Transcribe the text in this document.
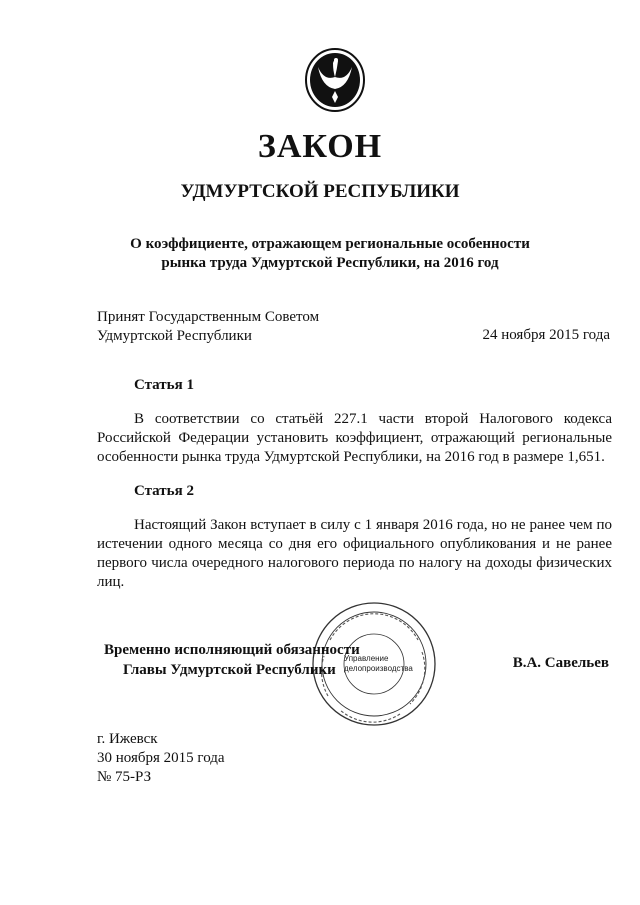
ЗАКОН
УДМУРТСКОЙ РЕСПУБЛИКИ
О коэффициенте, отражающем региональные особенности
рынка труда Удмуртской Республики, на 2016 год
Принят Государственным Советом
Удмуртской Республики	24 ноября 2015 года
Статья 1
В соответствии со статьёй 227.1 части второй Налогового кодекса Российской Федерации установить коэффициент, отражающий региональные особенности рынка труда Удмуртской Республики, на 2016 год в размере 1,651.
Статья 2
Настоящий Закон вступает в силу с 1 января 2016 года, но не ранее чем по истечении одного месяца со дня его официального опубликования и не ранее первого числа очередного налогового периода по налогу на доходы физических лиц.
Управление
делопроизводства
Временно исполняющий обязанности
Главы Удмуртской Республики	В.А. Савельев
г. Ижевск
30 ноября 2015 года
№ 75-РЗ
